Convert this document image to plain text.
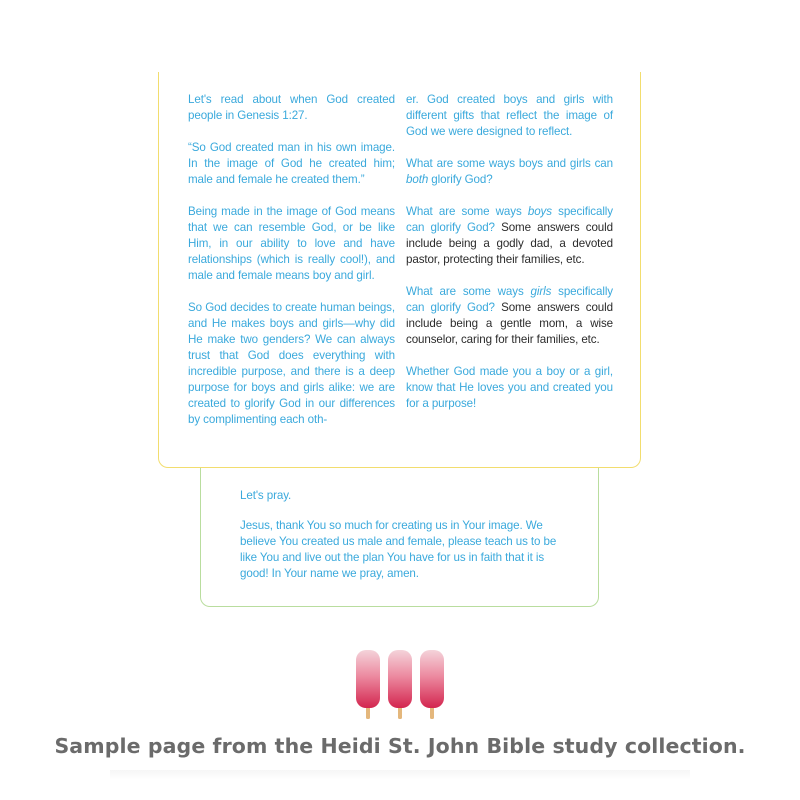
Let's read about when God created people in Genesis 1:27.

“So God created man in his own image. In the image of God he created him; male and female he created them.”

Being made in the image of God means that we can resemble God, or be like Him, in our ability to love and have relationships (which is really cool!), and male and female means boy and girl.

So God decides to create human beings, and He makes boys and girls—why did He make two genders? We can always trust that God does everything with incredible purpose, and there is a deep purpose for boys and girls alike: we are created to glorify God in our differences by complimenting each oth-

er. God created boys and girls with different gifts that reflect the image of God we were designed to reflect.

What are some ways boys and girls can both glorify God?

What are some ways boys specifically can glorify God? Some answers could include being a godly dad, a devoted pastor, protecting their families, etc.

What are some ways girls specifically can glorify God? Some answers could include being a gentle mom, a wise counselor, caring for their families, etc.

Whether God made you a boy or a girl, know that He loves you and created you for a purpose!

Let's pray.

Jesus, thank You so much for creating us in Your image. We believe You created us male and female, please teach us to be like You and live out the plan You have for us in faith that it is good! In Your name we pray, amen.

Sample page from the Heidi St. John Bible study collection.
